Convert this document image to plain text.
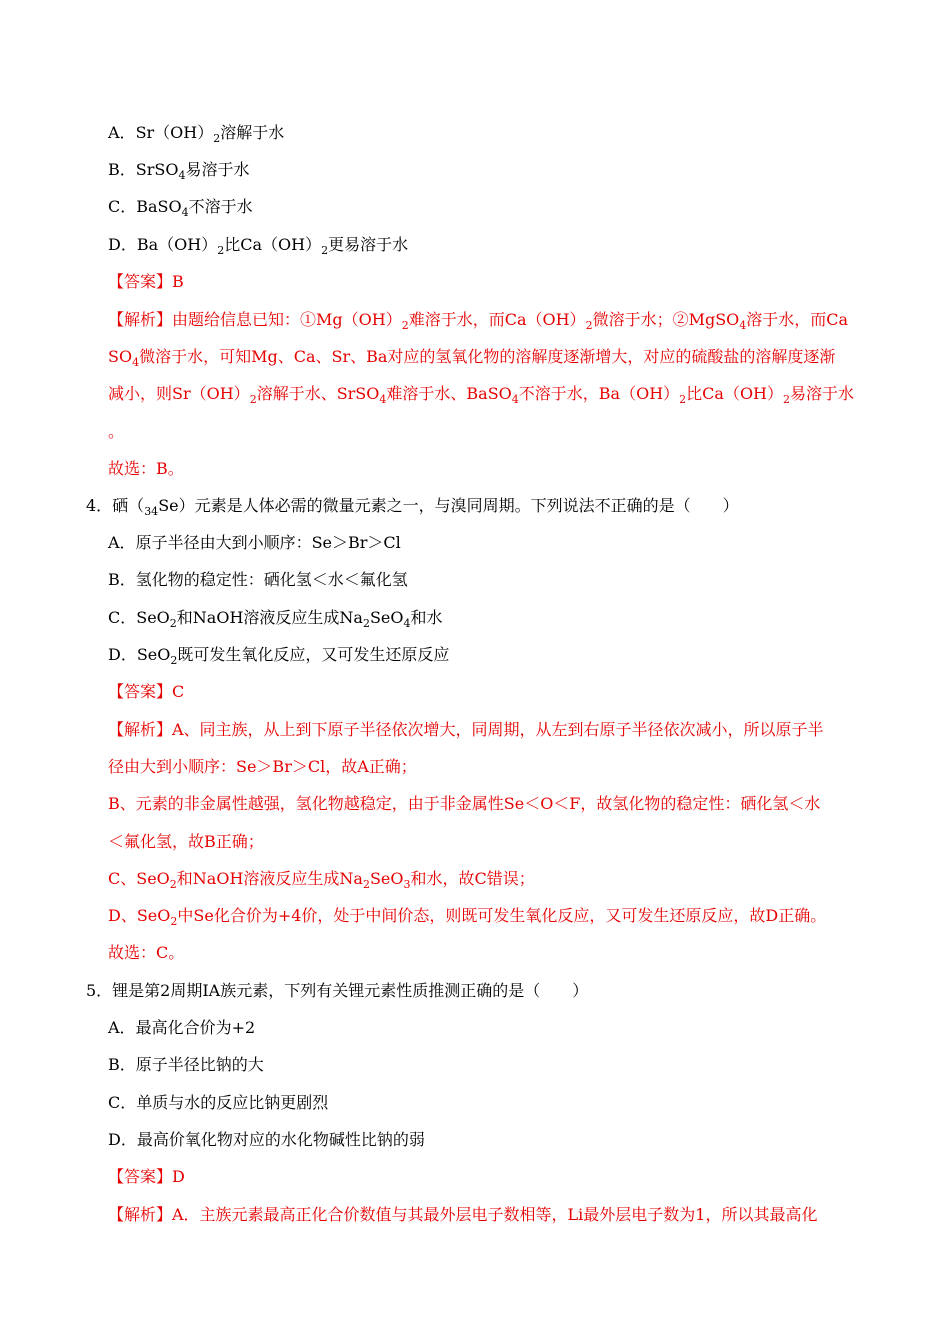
A．$Sr(OH)_2$溶解于水
B．SrSO$_4$易溶于水
C．BaSO$_4$不溶于水
D．$Ba(OH)_2$比$Ca(OH)_2$更易溶于水
【答案】B
【解析】由题给信息已知：$①Mg(OH)_2$难溶于水，而$Ca(OH)_2$微溶于水；②MgSO$_4$溶于水，而Ca
$SO_4$微溶于水，可知Mg、Ca、Sr、Ba对应的氢氧化物的溶解度逐渐增大，对应的硫酸盐的溶解度逐渐
减小，则$Sr(OH)_2$溶解于水、SrSO$_4$难溶于水、BaSO$_4$不溶于水，$Ba(OH)_2$比$Ca(OH)_2$易溶于水
。
故选：B。
4．硒$(_{34}Se)$元素是人体必需的微量元素之一，与溴同周期。下列说法不正确的是（　　）
A．原子半径由大到小顺序：Se＞Br＞Cl
B．氢化物的稳定性：硒化氢＜水＜氟化氢
C．SeO$_2$和NaOH溶液反应生成$Na_2SeO_4$和水
D．SeO$_2$既可发生氧化反应，又可发生还原反应
【答案】C
【解析】A、同主族，从上到下原子半径依次增大，同周期，从左到右原子半径依次减小，所以原子半
径由大到小顺序：Se＞Br＞Cl，故A正确；
B、元素的非金属性越强，氢化物越稳定，由于非金属性Se＜O＜F，故氢化物的稳定性：硒化氢＜水
＜氟化氢，故B正确；
C、SeO$_2$和NaOH溶液反应生成$Na_2SeO_3$和水，故C错误；
D、SeO$_2$中Se化合价为+4价，处于中间价态，则既可发生氧化反应，又可发生还原反应，故D正确。
故选：C。
5．锂是第2周期ⅠA族元素，下列有关锂元素性质推测正确的是（　　）
A．最高化合价为+2
B．原子半径比钠的大
C．单质与水的反应比钠更剧烈
D．最高价氧化物对应的水化物碱性比钠的弱
【答案】D
【解析】A．主族元素最高正化合价数值与其最外层电子数相等，Li最外层电子数为1，所以其最高化
